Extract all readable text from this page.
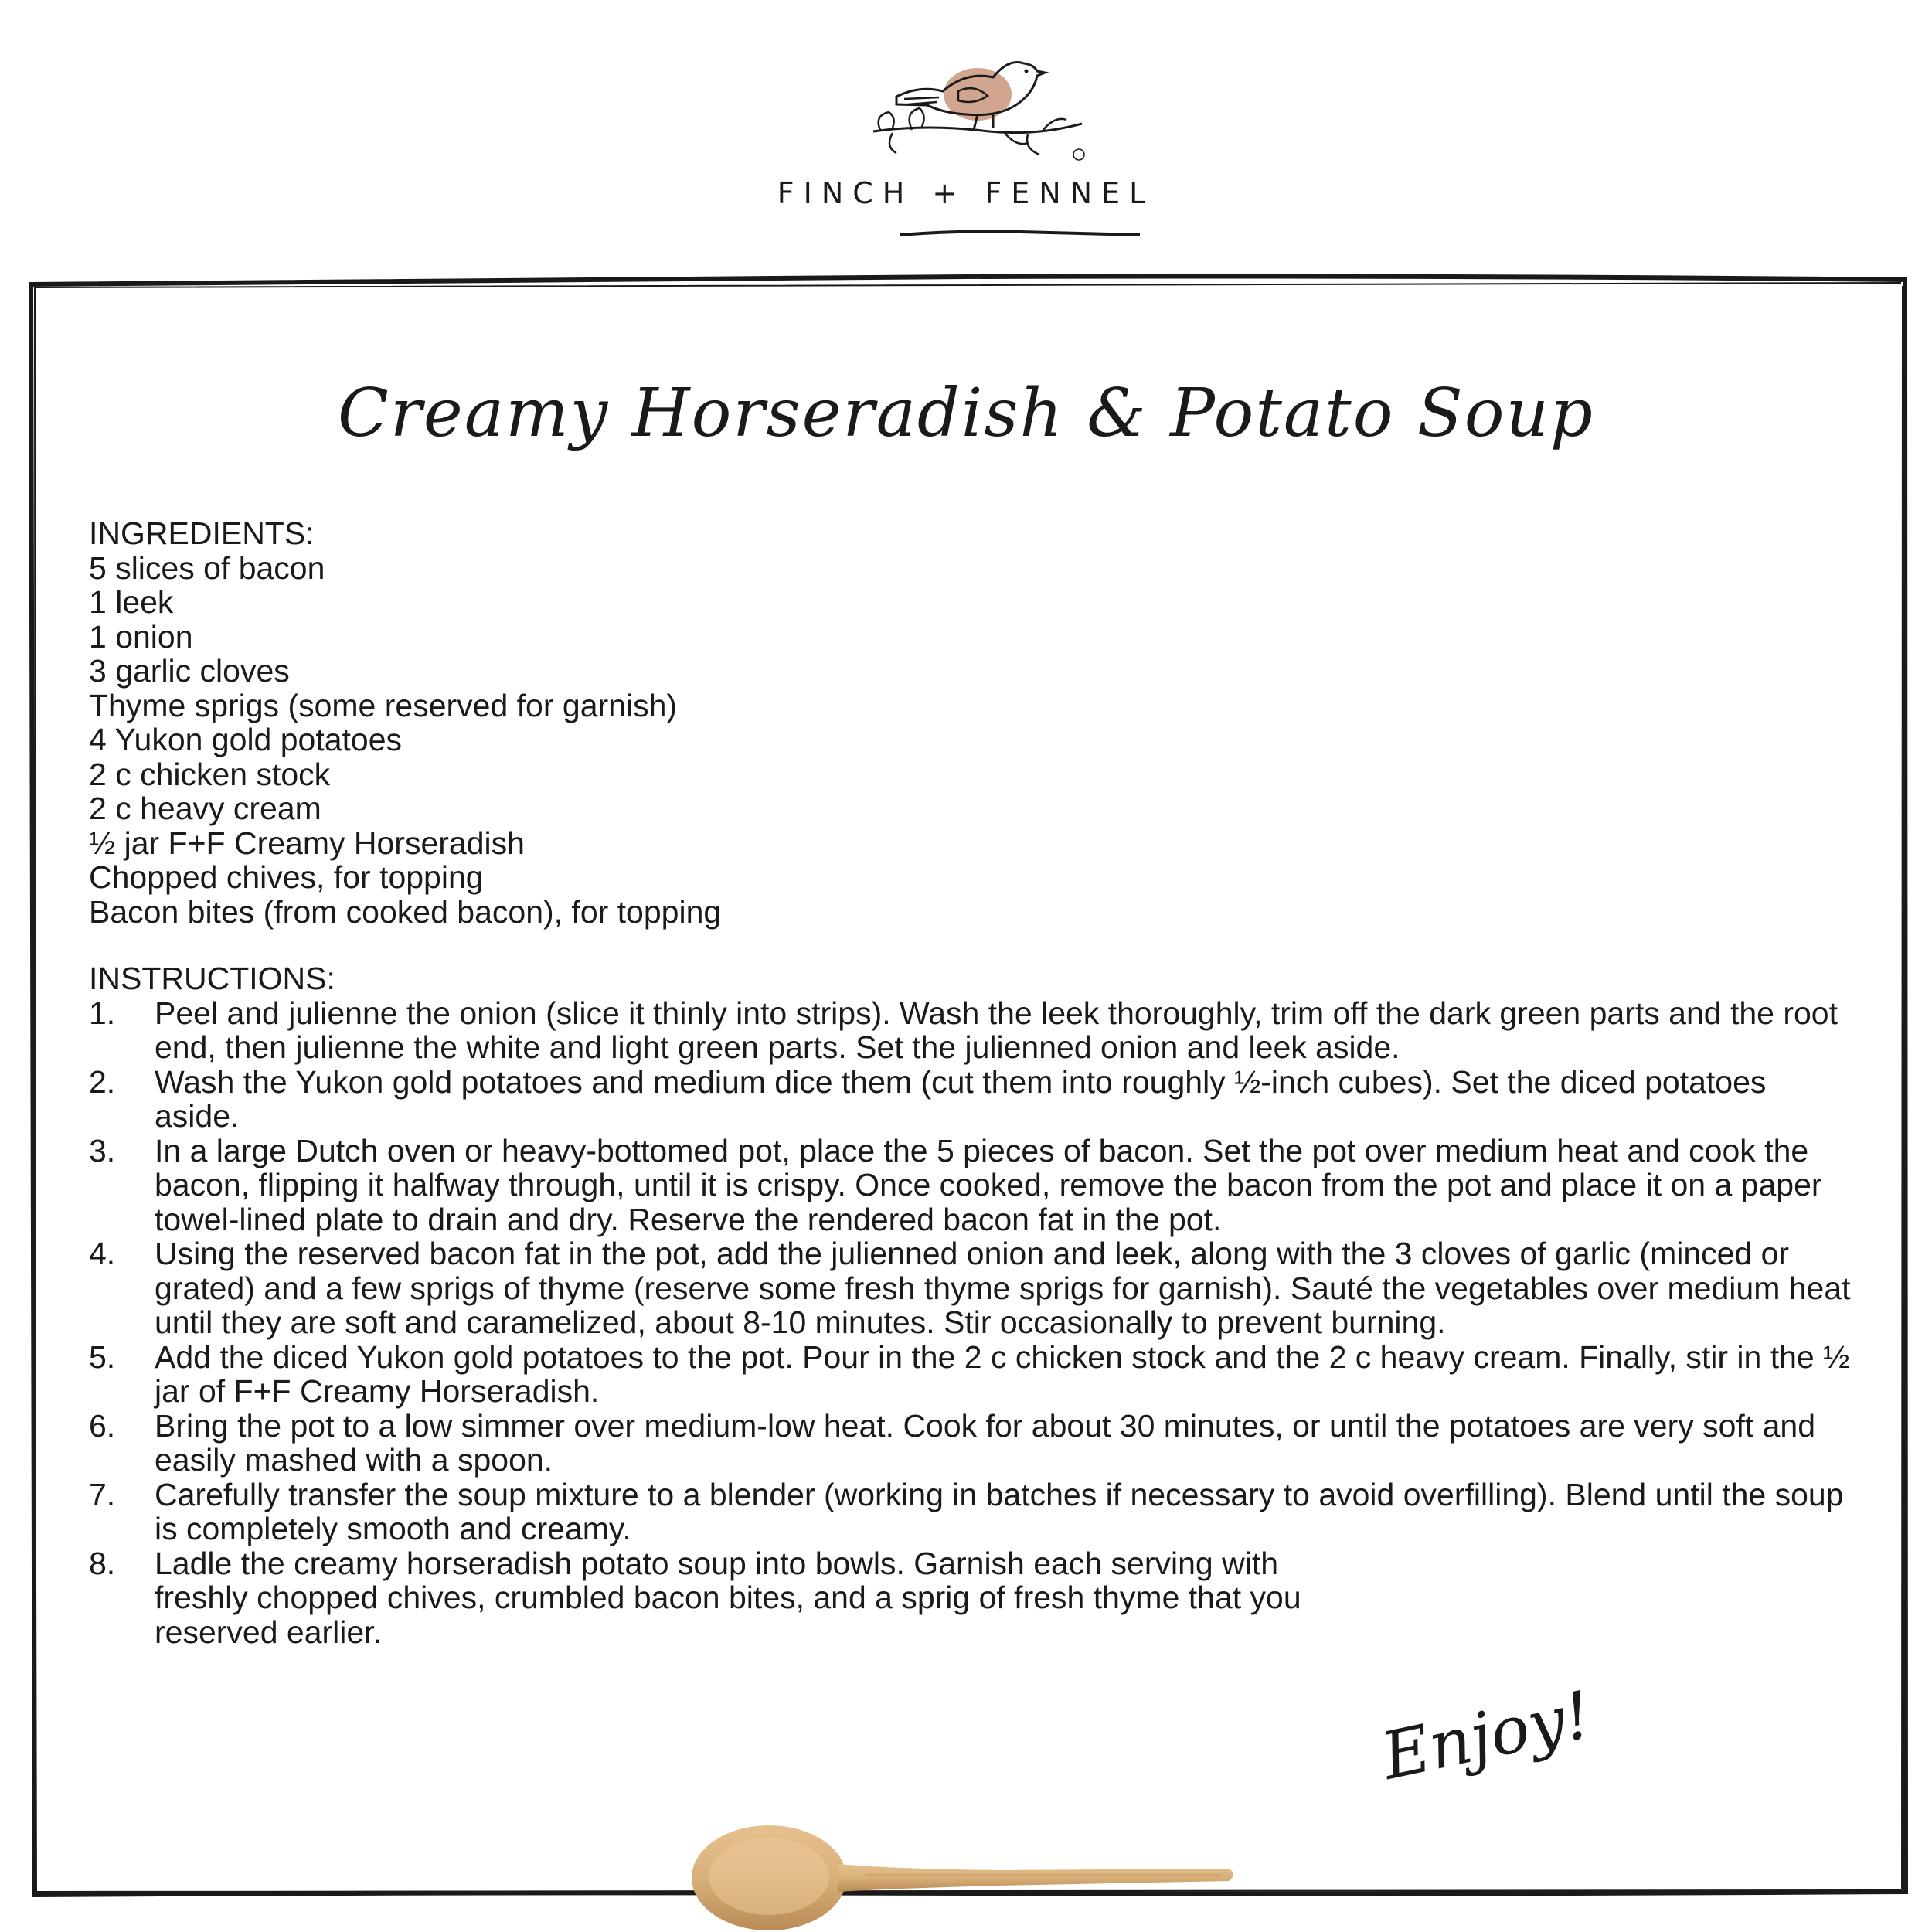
FINCH + FENNEL
Creamy Horseradish & Potato Soup
INGREDIENTS:
5 slices of bacon
1 leek
1 onion
3 garlic cloves
Thyme sprigs (some reserved for garnish)
4 Yukon gold potatoes
2 c chicken stock
2 c heavy cream
½ jar F+F Creamy Horseradish
Chopped chives, for topping
Bacon bites (from cooked bacon), for topping
INSTRUCTIONS:
1.	Peel and julienne the onion (slice it thinly into strips). Wash the leek thoroughly, trim off the dark green parts and the root end, then julienne the white and light green parts. Set the julienned onion and leek aside.
2.	Wash the Yukon gold potatoes and medium dice them (cut them into roughly ½-inch cubes). Set the diced potatoes aside.
3.	In a large Dutch oven or heavy-bottomed pot, place the 5 pieces of bacon. Set the pot over medium heat and cook the bacon, flipping it halfway through, until it is crispy. Once cooked, remove the bacon from the pot and place it on a paper towel-lined plate to drain and dry. Reserve the rendered bacon fat in the pot.
4.	Using the reserved bacon fat in the pot, add the julienned onion and leek, along with the 3 cloves of garlic (minced or grated) and a few sprigs of thyme (reserve some fresh thyme sprigs for garnish). Sauté the vegetables over medium heat until they are soft and caramelized, about 8-10 minutes. Stir occasionally to prevent burning.
5.	Add the diced Yukon gold potatoes to the pot. Pour in the 2 c chicken stock and the 2 c heavy cream. Finally, stir in the ½ jar of F+F Creamy Horseradish.
6.	Bring the pot to a low simmer over medium-low heat. Cook for about 30 minutes, or until the potatoes are very soft and easily mashed with a spoon.
7.	Carefully transfer the soup mixture to a blender (working in batches if necessary to avoid overfilling). Blend until the soup is completely smooth and creamy.
8.	Ladle the creamy horseradish potato soup into bowls. Garnish each serving with freshly chopped chives, crumbled bacon bites, and a sprig of fresh thyme that you reserved earlier.
Enjoy!
